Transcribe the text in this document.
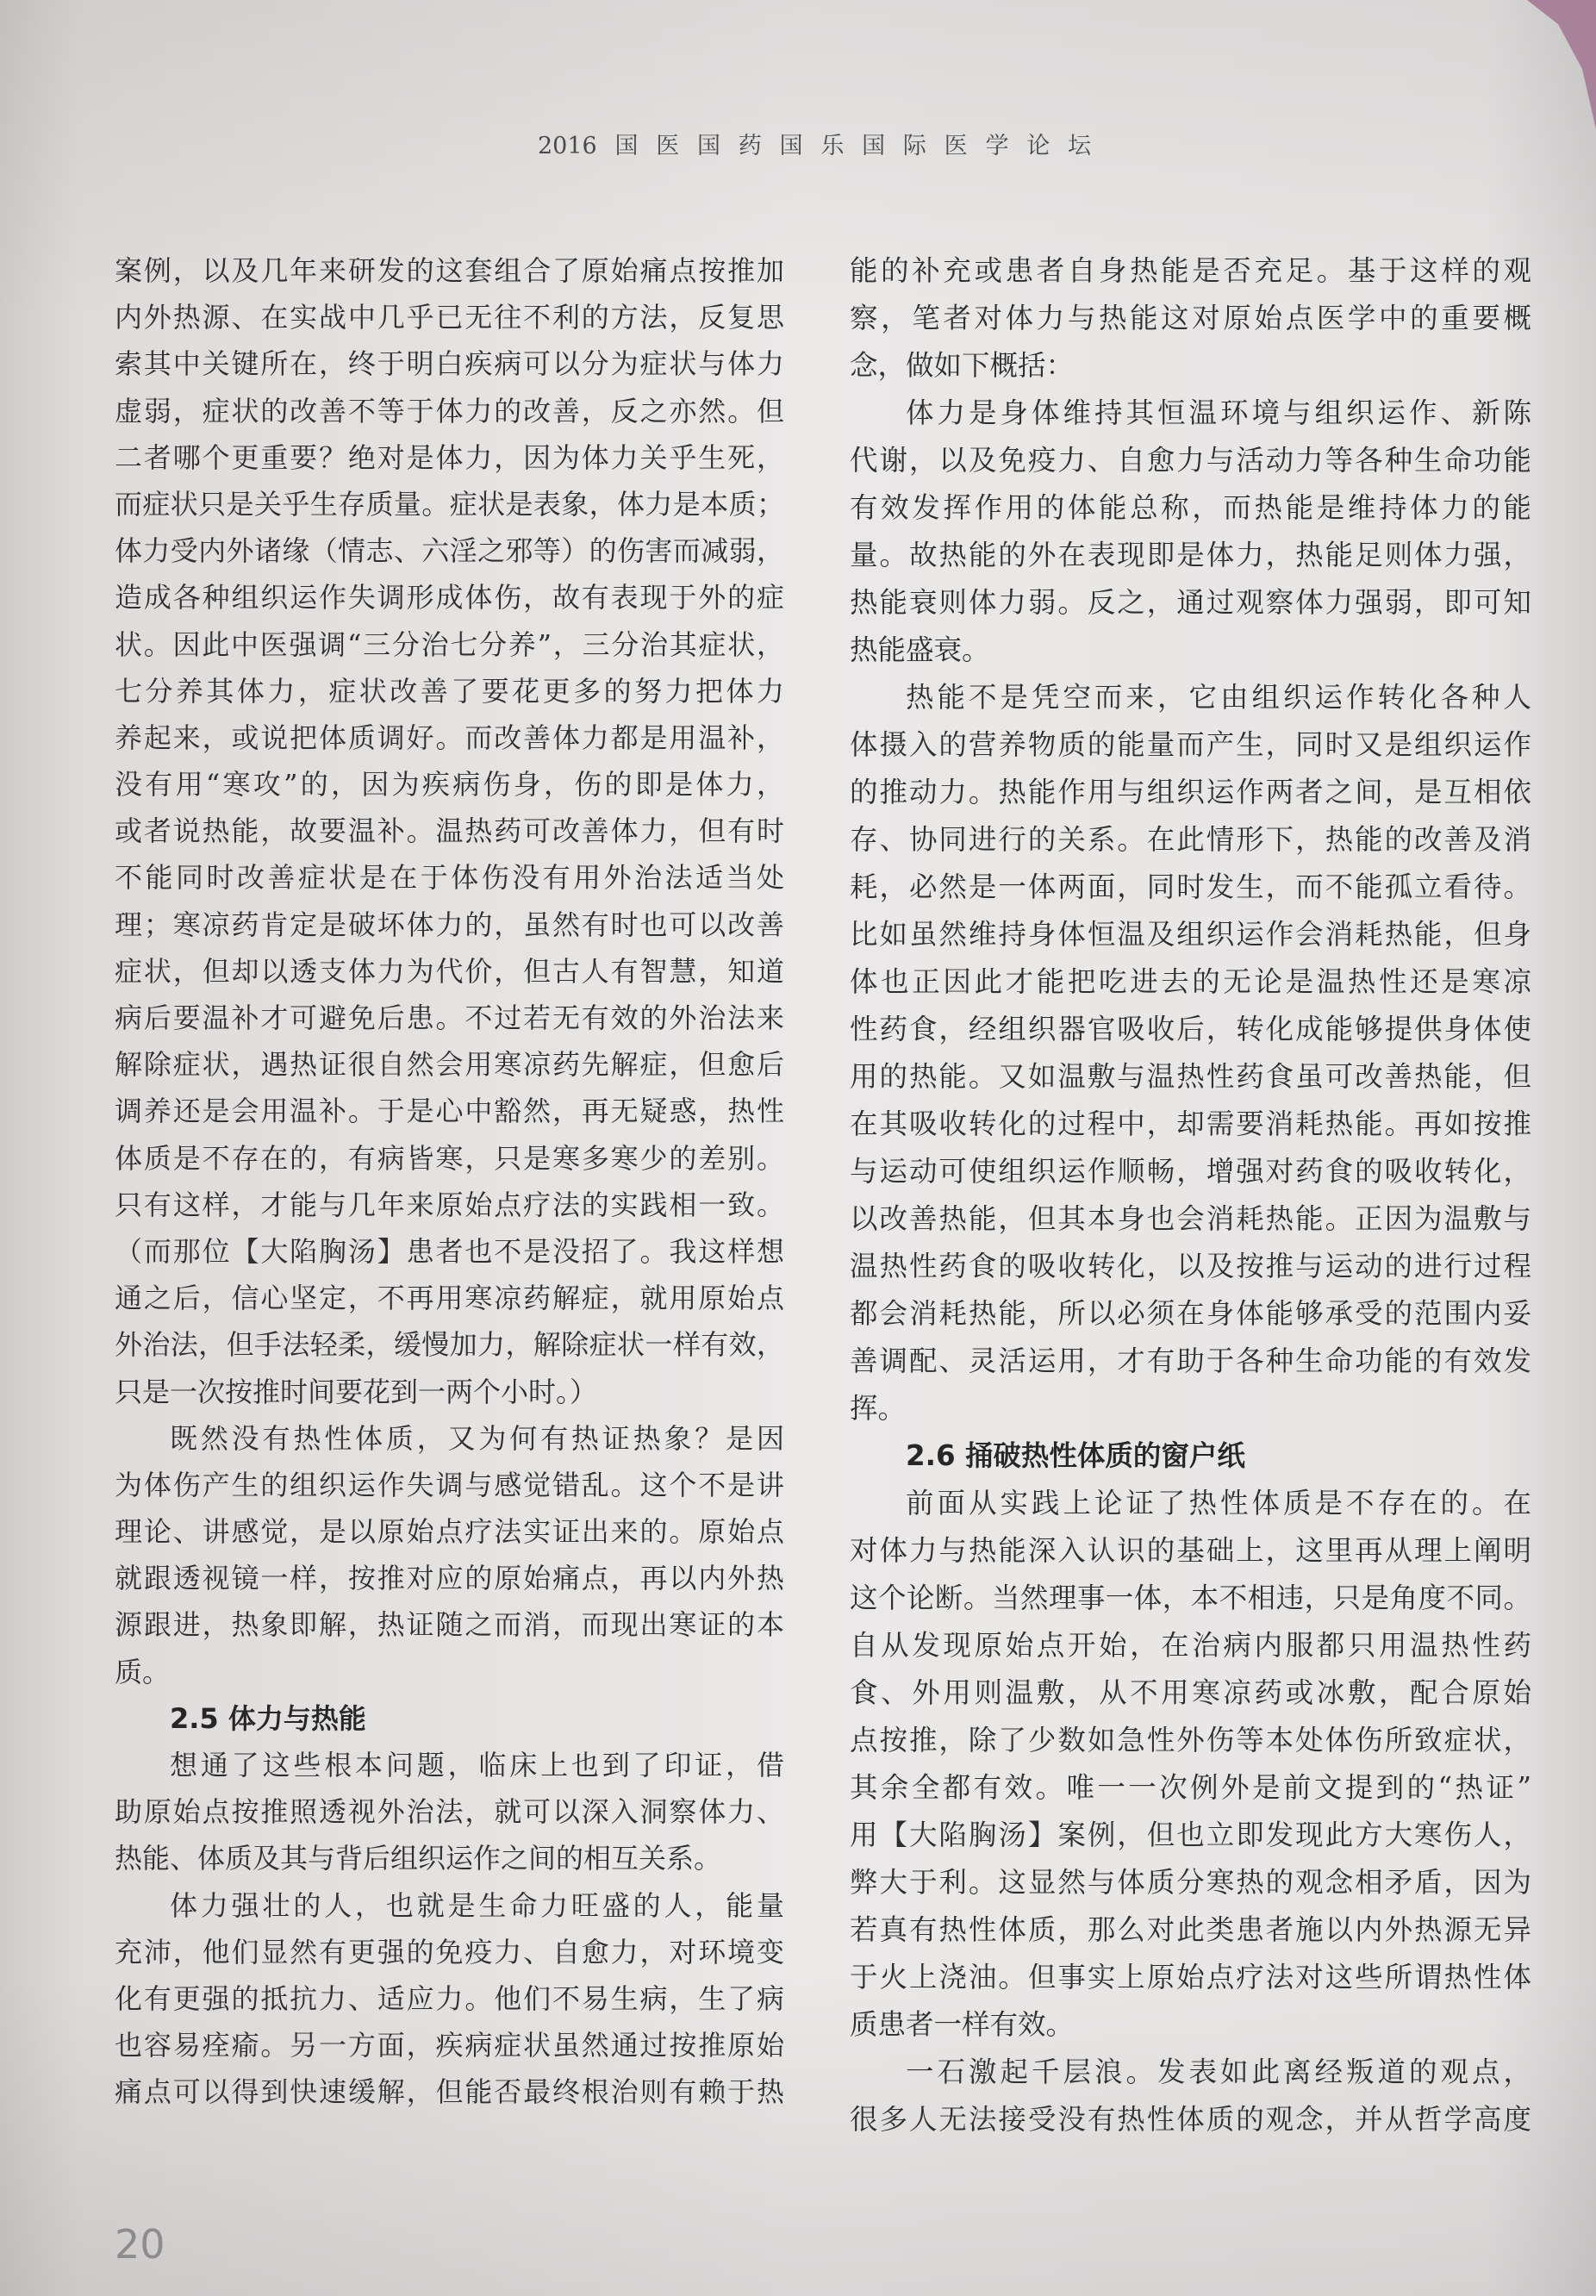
2016国医国药国乐国际医学论坛
案例，以及几年来研发的这套组合了原始痛点按推加
内外热源、在实战中几乎已无往不利的方法，反复思
索其中关键所在，终于明白疾病可以分为症状与体力
虚弱，症状的改善不等于体力的改善，反之亦然。但
二者哪个更重要？绝对是体力，因为体力关乎生死，
而症状只是关乎生存质量。症状是表象，体力是本质；
体力受内外诸缘（情志、六淫之邪等）的伤害而减弱，
造成各种组织运作失调形成体伤，故有表现于外的症
状。因此中医强调“三分治七分养”，三分治其症状，
七分养其体力，症状改善了要花更多的努力把体力
养起来，或说把体质调好。而改善体力都是用温补，
没有用“寒攻”的，因为疾病伤身，伤的即是体力，
或者说热能，故要温补。温热药可改善体力，但有时
不能同时改善症状是在于体伤没有用外治法适当处
理；寒凉药肯定是破坏体力的，虽然有时也可以改善
症状，但却以透支体力为代价，但古人有智慧，知道
病后要温补才可避免后患。不过若无有效的外治法来
解除症状，遇热证很自然会用寒凉药先解症，但愈后
调养还是会用温补。于是心中豁然，再无疑惑，热性
体质是不存在的，有病皆寒，只是寒多寒少的差别。
只有这样，才能与几年来原始点疗法的实践相一致。
（而那位【大陷胸汤】患者也不是没招了。我这样想
通之后，信心坚定，不再用寒凉药解症，就用原始点
外治法，但手法轻柔，缓慢加力，解除症状一样有效，
只是一次按推时间要花到一两个小时。）
既然没有热性体质，又为何有热证热象？是因
为体伤产生的组织运作失调与感觉错乱。这个不是讲
理论、讲感觉，是以原始点疗法实证出来的。原始点
就跟透视镜一样，按推对应的原始痛点，再以内外热
源跟进，热象即解，热证随之而消，而现出寒证的本
质。
2.5 体力与热能
想通了这些根本问题，临床上也到了印证，借
助原始点按推照透视外治法，就可以深入洞察体力、
热能、体质及其与背后组织运作之间的相互关系。
体力强壮的人，也就是生命力旺盛的人，能量
充沛，他们显然有更强的免疫力、自愈力，对环境变
化有更强的抵抗力、适应力。他们不易生病，生了病
也容易痊瘉。另一方面，疾病症状虽然通过按推原始
痛点可以得到快速缓解，但能否最终根治则有赖于热
能的补充或患者自身热能是否充足。基于这样的观
察，笔者对体力与热能这对原始点医学中的重要概
念，做如下概括：
体力是身体维持其恒温环境与组织运作、新陈
代谢，以及免疫力、自愈力与活动力等各种生命功能
有效发挥作用的体能总称，而热能是维持体力的能
量。故热能的外在表现即是体力，热能足则体力强，
热能衰则体力弱。反之，通过观察体力强弱，即可知
热能盛衰。
热能不是凭空而来，它由组织运作转化各种人
体摄入的营养物质的能量而产生，同时又是组织运作
的推动力。热能作用与组织运作两者之间，是互相依
存、协同进行的关系。在此情形下，热能的改善及消
耗，必然是一体两面，同时发生，而不能孤立看待。
比如虽然维持身体恒温及组织运作会消耗热能，但身
体也正因此才能把吃进去的无论是温热性还是寒凉
性药食，经组织器官吸收后，转化成能够提供身体使
用的热能。又如温敷与温热性药食虽可改善热能，但
在其吸收转化的过程中，却需要消耗热能。再如按推
与运动可使组织运作顺畅，增强对药食的吸收转化，
以改善热能，但其本身也会消耗热能。正因为温敷与
温热性药食的吸收转化，以及按推与运动的进行过程
都会消耗热能，所以必须在身体能够承受的范围内妥
善调配、灵活运用，才有助于各种生命功能的有效发
挥。
2.6 捅破热性体质的窗户纸
前面从实践上论证了热性体质是不存在的。在
对体力与热能深入认识的基础上，这里再从理上阐明
这个论断。当然理事一体，本不相违，只是角度不同。
自从发现原始点开始，在治病内服都只用温热性药
食、外用则温敷，从不用寒凉药或冰敷，配合原始
点按推，除了少数如急性外伤等本处体伤所致症状，
其余全都有效。唯一一次例外是前文提到的“热证”
用【大陷胸汤】案例，但也立即发现此方大寒伤人，
弊大于利。这显然与体质分寒热的观念相矛盾，因为
若真有热性体质，那么对此类患者施以内外热源无异
于火上浇油。但事实上原始点疗法对这些所谓热性体
质患者一样有效。
一石激起千层浪。发表如此离经叛道的观点，
很多人无法接受没有热性体质的观念，并从哲学高度
20
